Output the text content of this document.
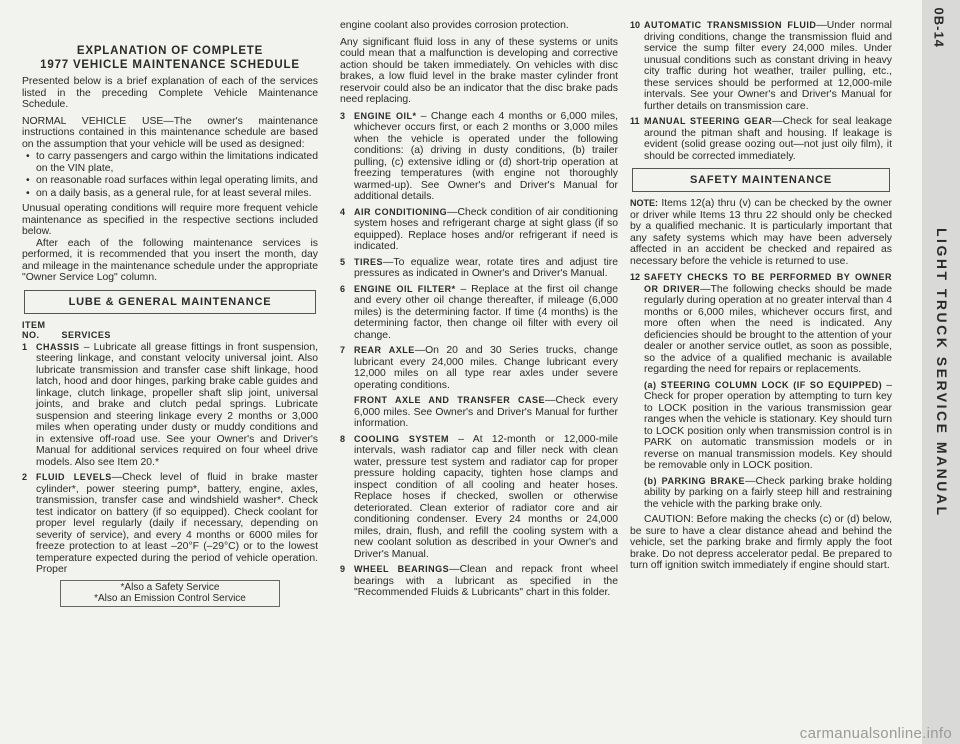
EXPLANATION OF COMPLETE
1977 VEHICLE MAINTENANCE SCHEDULE

Presented below is a brief explanation of each of the services listed in the preceding Complete Vehicle Maintenance Schedule.

NORMAL VEHICLE USE—The owner's maintenance instructions contained in this maintenance schedule are based on the assumption that your vehicle will be used as designed:

• to carry passengers and cargo within the limitations indicated on the VIN plate,
• on reasonable road surfaces within legal operating limits, and
• on a daily basis, as a general rule, for at least several miles.

Unusual operating conditions will require more frequent vehicle maintenance as specified in the respective sections included below.

After each of the following maintenance services is performed, it is recommended that you insert the month, day and mileage in the maintenance schedule under the appropriate "Owner Service Log" column.

LUBE & GENERAL MAINTENANCE
ITEM
NO. SERVICES
1 CHASSIS – Lubricate all grease fittings in front suspension, steering linkage, and constant velocity universal joint. Also lubricate transmission and transfer case shift linkage, hood latch, hood and door hinges, parking brake cable guides and linkage, clutch linkage, propeller shaft slip joint, universal joints, and brake and clutch pedal springs. Lubricate suspension and steering linkage every 2 months or 3,000 miles when operating under dusty or muddy conditions and in extensive off-road use. See your Owner's and Driver's Manual for additional services required on four wheel drive models. Also see Item 20.*
2 FLUID LEVELS—Check level of fluid in brake master cylinder*, power steering pump*, battery, engine, axles, transmission, transfer case and windshield washer*. Check test indicator on battery (if so equipped). Check coolant for proper level regularly (daily if necessary, depending on severity of service), and every 4 months or 6000 miles for freeze protection to at least –20°F (–29°C) or to the lowest temperature expected during the period of vehicle operation. Proper
*Also a Safety Service
*Also an Emission Control Service

engine coolant also provides corrosion protection.

Any significant fluid loss in any of these systems or units could mean that a malfunction is developing and corrective action should be taken immediately. On vehicles with disc brakes, a low fluid level in the brake master cylinder front reservoir could also be an indicator that the disc brake pads need replacing.

3 ENGINE OIL* – Change each 4 months or 6,000 miles, whichever occurs first, or each 2 months or 3,000 miles when the vehicle is operated under the following conditions: (a) driving in dusty conditions, (b) trailer pulling, (c) extensive idling or (d) short-trip operation at freezing temperatures (with engine not thoroughly warmed-up). See Owner's and Driver's Manual for additional details.
4 AIR CONDITIONING—Check condition of air conditioning system hoses and refrigerant charge at sight glass (if so equipped). Replace hoses and/or refrigerant if need is indicated.
5 TIRES—To equalize wear, rotate tires and adjust tire pressures as indicated in Owner's and Driver's Manual.
6 ENGINE OIL FILTER* – Replace at the first oil change and every other oil change thereafter, if mileage (6,000 miles) is the determining factor. If time (4 months) is the determining factor, then change oil filter with every oil change.
7 REAR AXLE—On 20 and 30 Series trucks, change lubricant every 24,000 miles. Change lubricant every 12,000 miles on all type rear axles under severe operating conditions.
FRONT AXLE AND TRANSFER CASE—Check every 6,000 miles. See Owner's and Driver's Manual for further information.
8 COOLING SYSTEM – At 12-month or 12,000-mile intervals, wash radiator cap and filler neck with clean water, pressure test system and radiator cap for proper pressure holding capacity, tighten hose clamps and inspect condition of all cooling and heater hoses. Replace hoses if checked, swollen or otherwise deteriorated. Clean exterior of radiator core and air conditioning condenser. Every 24 months or 24,000 miles, drain, flush, and refill the cooling system with a new coolant solution as described in your Owner's and Driver's Manual.
9 WHEEL BEARINGS—Clean and repack front wheel bearings with a lubricant as specified in the "Recommended Fluids & Lubricants" chart in this folder.
10 AUTOMATIC TRANSMISSION FLUID—Under normal driving conditions, change the transmission fluid and service the sump filter every 24,000 miles. Under unusual conditions such as constant driving in heavy city traffic during hot weather, trailer pulling, etc., these services should be performed at 12,000-mile intervals. See your Owner's and Driver's Manual for further details on transmission care.
11 MANUAL STEERING GEAR—Check for seal leakage around the pitman shaft and housing. If leakage is evident (solid grease oozing out—not just oily film), it should be corrected immediately.
SAFETY MAINTENANCE

NOTE: Items 12(a) thru (v) can be checked by the owner or driver while Items 13 thru 22 should only be checked by a qualified mechanic. It is particularly important that any safety systems which may have been adversely affected in an accident be checked and repaired as necessary before the vehicle is returned to use.

12 SAFETY CHECKS TO BE PERFORMED BY OWNER OR DRIVER—The following checks should be made regularly during operation at no greater interval than 4 months or 6,000 miles, whichever occurs first, and more often when the need is indicated. Any deficiencies should be brought to the attention of your dealer or another service outlet, as soon as possible, so the advice of a qualified mechanic is available regarding the need for repairs or replacements.
(a) STEERING COLUMN LOCK (IF SO EQUIPPED) – Check for proper operation by attempting to turn key to LOCK position in the various transmission gear ranges when the vehicle is stationary. Key should turn to LOCK position only when transmission control is in PARK on automatic transmission models or in reverse on manual transmission models. Key should be removable only in LOCK position.
(b) PARKING BRAKE—Check parking brake holding ability by parking on a fairly steep hill and restraining the vehicle with the parking brake only.

CAUTION: Before making the checks (c) or (d) below, be sure to have a clear distance ahead and behind the vehicle, set the parking brake and firmly apply the foot brake. Do not depress accelerator pedal. Be prepared to turn off ignition switch immediately if engine should start.

0B-14
LIGHT TRUCK SERVICE MANUAL
carmanualsonline.info
